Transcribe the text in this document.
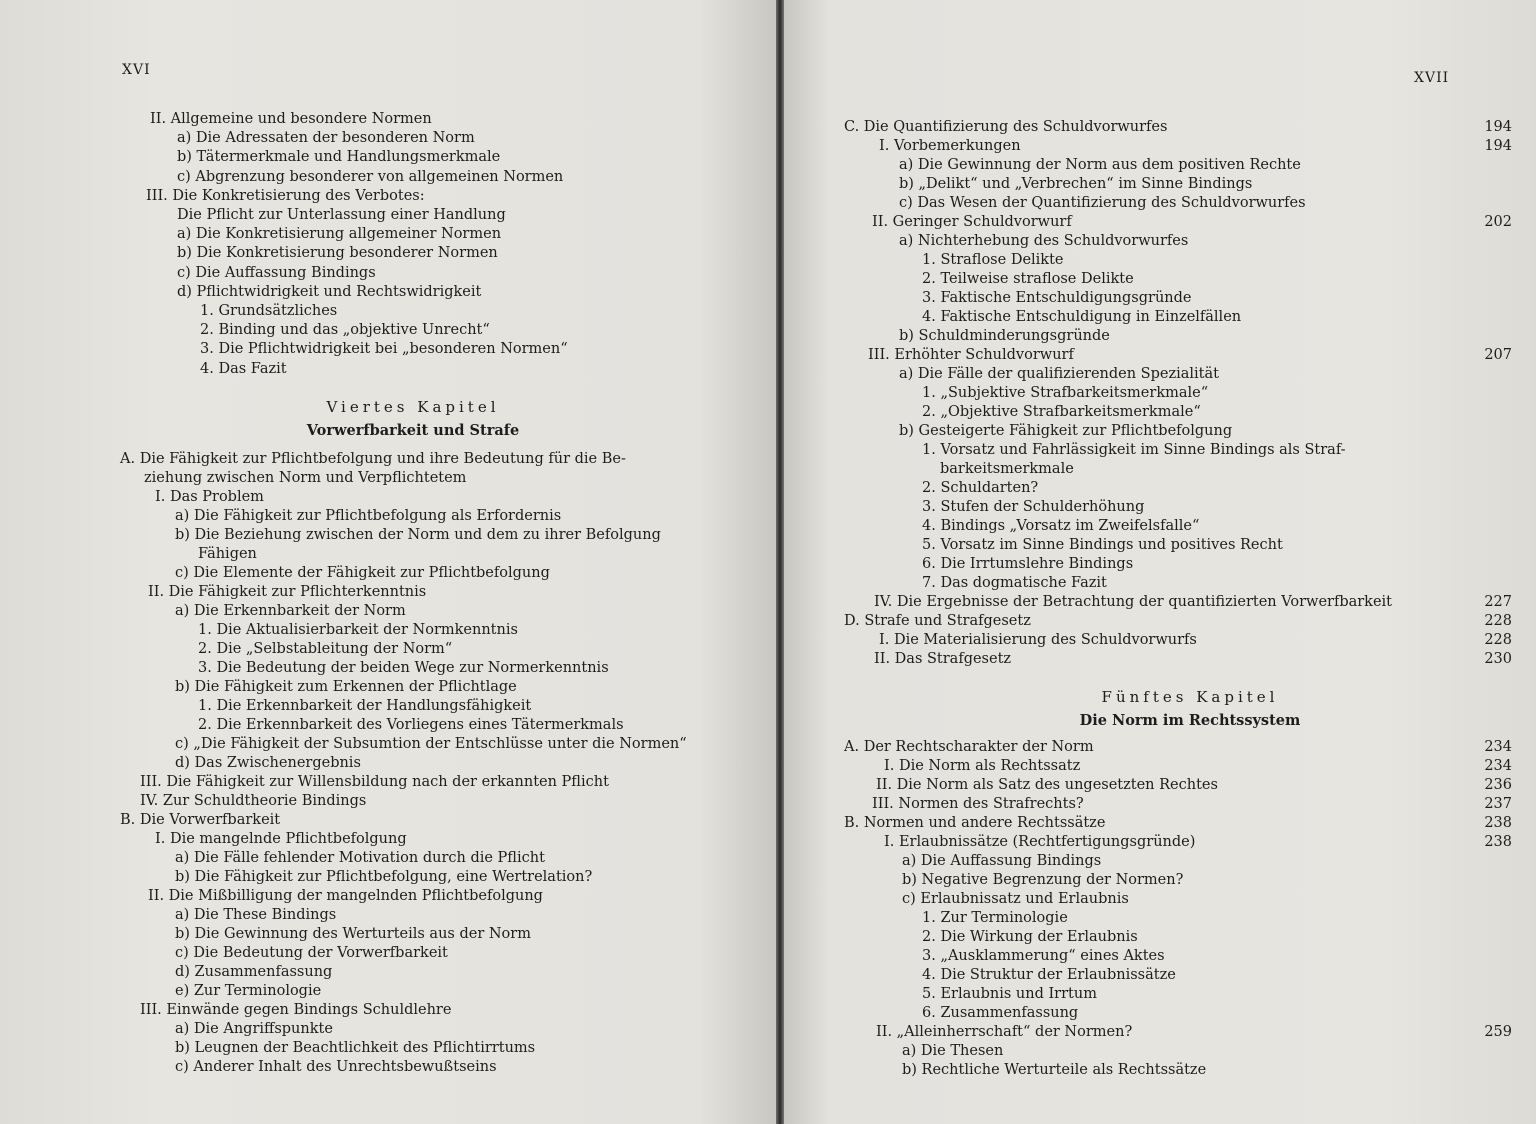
XVI
II. Allgemeine und besondere Normen
a) Die Adressaten der besonderen Norm
b) Tätermerkmale und Handlungsmerkmale
c) Abgrenzung besonderer von allgemeinen Normen
III. Die Konkretisierung des Verbotes:
Die Pflicht zur Unterlassung einer Handlung
a) Die Konkretisierung allgemeiner Normen
b) Die Konkretisierung besonderer Normen
c) Die Auffassung Bindings
d) Pflichtwidrigkeit und Rechtswidrigkeit
1. Grundsätzliches
2. Binding und das „objektive Unrecht“
3. Die Pflichtwidrigkeit bei „besonderen Normen“
4. Das Fazit
Viertes Kapitel
Vorwerfbarkeit und Strafe
A. Die Fähigkeit zur Pflichtbefolgung und ihre Bedeutung für die Be-
ziehung zwischen Norm und Verpflichtetem
I. Das Problem
a) Die Fähigkeit zur Pflichtbefolgung als Erfordernis
b) Die Beziehung zwischen der Norm und dem zu ihrer Befolgung
Fähigen
c) Die Elemente der Fähigkeit zur Pflichtbefolgung
II. Die Fähigkeit zur Pflichterkenntnis
a) Die Erkennbarkeit der Norm
1. Die Aktualisierbarkeit der Normkenntnis
2. Die „Selbstableitung der Norm“
3. Die Bedeutung der beiden Wege zur Normerkenntnis
b) Die Fähigkeit zum Erkennen der Pflichtlage
1. Die Erkennbarkeit der Handlungsfähigkeit
2. Die Erkennbarkeit des Vorliegens eines Tätermerkmals
c) „Die Fähigkeit der Subsumtion der Entschlüsse unter die Normen“
d) Das Zwischenergebnis
III. Die Fähigkeit zur Willensbildung nach der erkannten Pflicht
IV. Zur Schuldtheorie Bindings
B. Die Vorwerfbarkeit
I. Die mangelnde Pflichtbefolgung
a) Die Fälle fehlender Motivation durch die Pflicht
b) Die Fähigkeit zur Pflichtbefolgung, eine Wertrelation?
II. Die Mißbilligung der mangelnden Pflichtbefolgung
a) Die These Bindings
b) Die Gewinnung des Werturteils aus der Norm
c) Die Bedeutung der Vorwerfbarkeit
d) Zusammenfassung
e) Zur Terminologie
III. Einwände gegen Bindings Schuldlehre
a) Die Angriffspunkte
b) Leugnen der Beachtlichkeit des Pflichtirrtums
c) Anderer Inhalt des Unrechtsbewußtseins
XVII
C. Die Quantifizierung des Schuldvorwurfes	194
I. Vorbemerkungen	194
a) Die Gewinnung der Norm aus dem positiven Rechte
b) „Delikt“ und „Verbrechen“ im Sinne Bindings
c) Das Wesen der Quantifizierung des Schuldvorwurfes
II. Geringer Schuldvorwurf	202
a) Nichterhebung des Schuldvorwurfes
1. Straflose Delikte
2. Teilweise straflose Delikte
3. Faktische Entschuldigungsgründe
4. Faktische Entschuldigung in Einzelfällen
b) Schuldminderungsgründe
III. Erhöhter Schuldvorwurf	207
a) Die Fälle der qualifizierenden Spezialität
1. „Subjektive Strafbarkeitsmerkmale“
2. „Objektive Strafbarkeitsmerkmale“
b) Gesteigerte Fähigkeit zur Pflichtbefolgung
1. Vorsatz und Fahrlässigkeit im Sinne Bindings als Straf-
barkeitsmerkmale
2. Schuldarten?
3. Stufen der Schulderhöhung
4. Bindings „Vorsatz im Zweifelsfalle“
5. Vorsatz im Sinne Bindings und positives Recht
6. Die Irrtumslehre Bindings
7. Das dogmatische Fazit
IV. Die Ergebnisse der Betrachtung der quantifizierten Vorwerfbarkeit	227
D. Strafe und Strafgesetz	228
I. Die Materialisierung des Schuldvorwurfs	228
II. Das Strafgesetz	230
Fünftes Kapitel
Die Norm im Rechtssystem
A. Der Rechtscharakter der Norm	234
I. Die Norm als Rechtssatz	234
II. Die Norm als Satz des ungesetzten Rechtes	236
III. Normen des Strafrechts?	237
B. Normen und andere Rechtssätze	238
I. Erlaubnissätze (Rechtfertigungsgründe)	238
a) Die Auffassung Bindings
b) Negative Begrenzung der Normen?
c) Erlaubnissatz und Erlaubnis
1. Zur Terminologie
2. Die Wirkung der Erlaubnis
3. „Ausklammerung“ eines Aktes
4. Die Struktur der Erlaubnissätze
5. Erlaubnis und Irrtum
6. Zusammenfassung
II. „Alleinherrschaft“ der Normen?	259
a) Die Thesen
b) Rechtliche Werturteile als Rechtssätze
